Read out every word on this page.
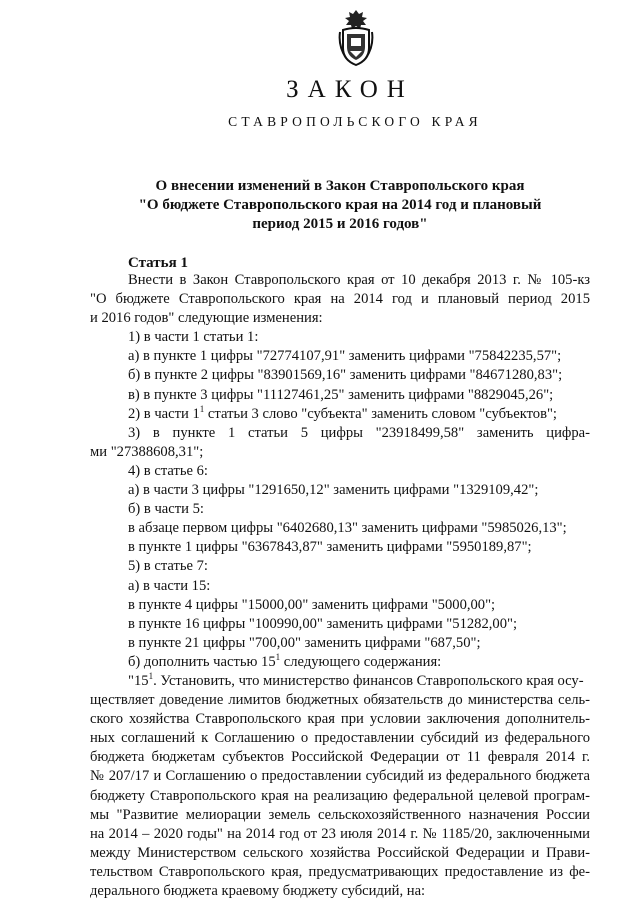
ЗАКОН
СТАВРОПОЛЬСКОГО КРАЯ
О внесении изменений в Закон Ставропольского края
"О бюджете Ставропольского края на 2014 год и плановый
период 2015 и 2016 годов"
Статья 1
Внести в Закон Ставропольского края от 10 декабря 2013 г. № 105-кз
"О бюджете Ставропольского края на 2014 год и плановый период 2015
и 2016 годов" следующие изменения:
1) в части 1 статьи 1:
а) в пункте 1 цифры "72774107,91" заменить цифрами "75842235,57";
б) в пункте 2 цифры "83901569,16" заменить цифрами "84671280,83";
в) в пункте 3 цифры "11127461,25" заменить цифрами "8829045,26";
2) в части $1^1$ статьи 3 слово "субъекта" заменить словом "субъектов";
3) в пункте 1 статьи 5 цифры "23918499,58" заменить цифра-
ми "27388608,31";
4) в статье 6:
а) в части 3 цифры "1291650,12" заменить цифрами "1329109,42";
б) в части 5:
в абзаце первом цифры "6402680,13" заменить цифрами "5985026,13";
в пункте 1 цифры "6367843,87" заменить цифрами "5950189,87";
5) в статье 7:
а) в части 15:
в пункте 4 цифры "15000,00" заменить цифрами "5000,00";
в пункте 16 цифры "100990,00" заменить цифрами "51282,00";
в пункте 21 цифры "700,00" заменить цифрами "687,50";
б) дополнить частью $15^1$ следующего содержания:
"$15^1$. Установить, что министерство финансов Ставропольского края осу-
ществляет доведение лимитов бюджетных обязательств до министерства сель-
ского хозяйства Ставропольского края при условии заключения дополнитель-
ных соглашений к Соглашению о предоставлении субсидий из федерального
бюджета бюджетам субъектов Российской Федерации от 11 февраля 2014 г.
№ 207/17 и Соглашению о предоставлении субсидий из федерального бюджета
бюджету Ставропольского края на реализацию федеральной целевой програм-
мы "Развитие мелиорации земель сельскохозяйственного назначения России
на 2014 – 2020 годы" на 2014 год от 23 июля 2014 г. № 1185/20, заключенными
между Министерством сельского хозяйства Российской Федерации и Прави-
тельством Ставропольского края, предусматривающих предоставление из фе-
дерального бюджета краевому бюджету субсидий, на:
